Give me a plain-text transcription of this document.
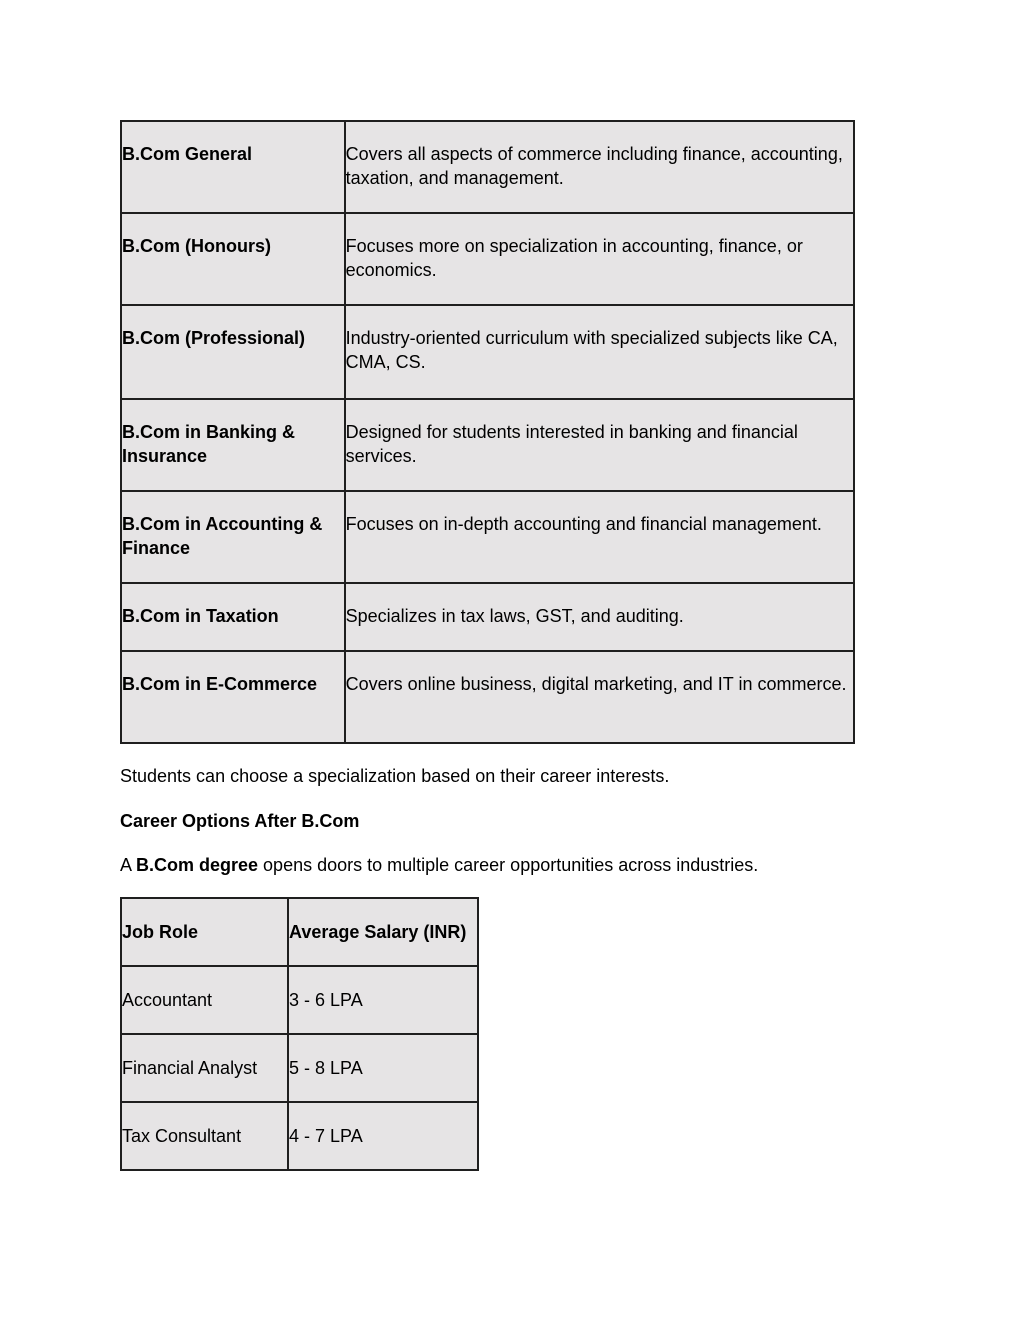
B.Com General	Covers all aspects of commerce including finance, accounting, taxation, and management.

B.Com (Honours)	Focuses more on specialization in accounting, finance, or economics.

B.Com (Professional)	Industry-oriented curriculum with specialized subjects like CA, CMA, CS.

B.Com in Banking & Insurance	Designed for students interested in banking and financial services.

B.Com in Accounting & Finance	Focuses on in-depth accounting and financial management.

B.Com in Taxation	Specializes in tax laws, GST, and auditing.

B.Com in E-Commerce	Covers online business, digital marketing, and IT in commerce.

Students can choose a specialization based on their career interests.

Career Options After B.Com

A B.Com degree opens doors to multiple career opportunities across industries.

Job Role	Average Salary (INR)

Accountant	3 - 6 LPA

Financial Analyst	5 - 8 LPA

Tax Consultant	4 - 7 LPA
